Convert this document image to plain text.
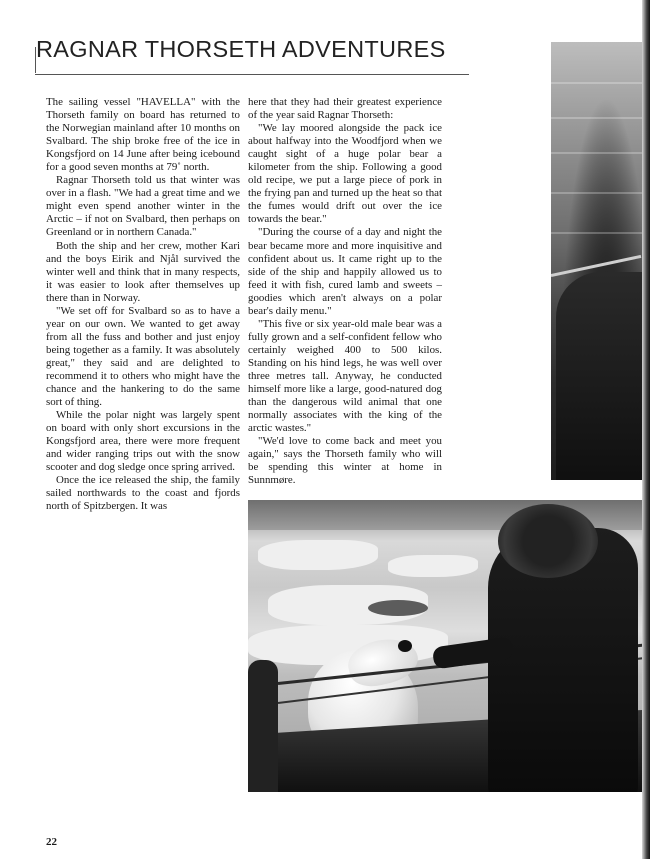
RAGNAR THORSETH ADVENTURES

The sailing vessel "HAVELLA" with the Thorseth family on board has returned to the Norwegian mainland after 10 months on Svalbard. The ship broke free of the ice in Kongsfjord on 14 June after being icebound for a good seven months at 79˚ north.

Ragnar Thorseth told us that winter was over in a flash. "We had a great time and we might even spend another winter in the Arctic – if not on Svalbard, then perhaps on Greenland or in northern Canada."

Both the ship and her crew, mother Kari and the boys Eirik and Njål survived the winter well and think that in many respects, it was easier to look after themselves up there than in Norway.

"We set off for Svalbard so as to have a year on our own. We wanted to get away from all the fuss and bother and just enjoy being together as a family. It was absolutely great," they said and are delighted to recommend it to others who might have the chance and the hankering to do the same sort of thing.

While the polar night was largely spent on board with only short excursions in the Kongsfjord area, there were more frequent and wider ranging trips out with the snow scooter and dog sledge once spring arrived.

Once the ice released the ship, the family sailed northwards to the coast and fjords north of Spitzbergen. It was

here that they had their greatest experience of the year said Ragnar Thorseth:

"We lay moored alongside the pack ice about halfway into the Woodfjord when we caught sight of a huge polar bear a kilometer from the ship. Following a good old recipe, we put a large piece of pork in the frying pan and turned up the heat so that the fumes would drift out over the ice towards the bear."

"During the course of a day and night the bear became more and more inquisitive and confident about us. It came right up to the side of the ship and happily allowed us to feed it with fish, cured lamb and sweets – goodies which aren't always on a polar bear's daily menu."

"This five or six year-old male bear was a fully grown and a self-confident fellow who certainly weighed 400 to 500 kilos. Standing on his hind legs, he was well over three metres tall. Anyway, he conducted himself more like a large, good-natured dog than the dangerous wild animal that one normally associates with the king of the arctic wastes."

"We'd love to come back and meet you again," says the Thorseth family who will be spending this winter at home in Sunnmøre.

22
